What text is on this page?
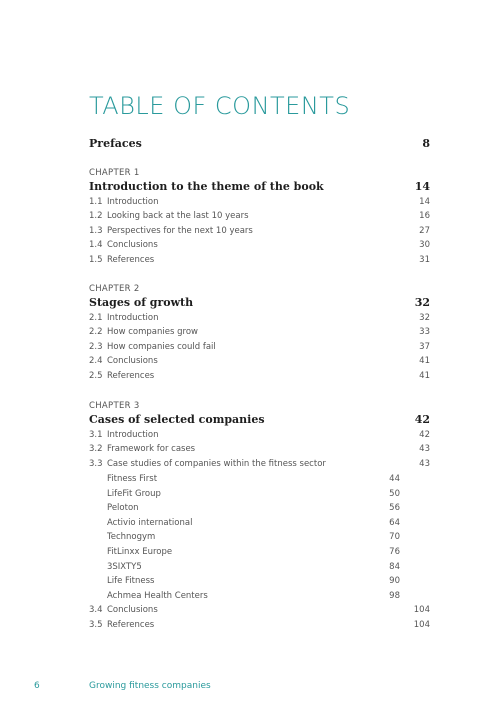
TABLE OF CONTENTS
Prefaces	8
CHAPTER 1
Introduction to the theme of the book	14
1.1 Introduction	14
1.2 Looking back at the last 10 years	16
1.3 Perspectives for the next 10 years	27
1.4 Conclusions	30
1.5 References	31
CHAPTER 2
Stages of growth	32
2.1 Introduction	32
2.2 How companies grow	33
2.3 How companies could fail	37
2.4 Conclusions	41
2.5 References	41
CHAPTER 3
Cases of selected companies	42
3.1 Introduction	42
3.2 Framework for cases	43
3.3 Case studies of companies within the fitness sector	43
Fitness First	44
LifeFit Group	50
Peloton	56
Activio international	64
Technogym	70
FitLinxx Europe	76
3SIXTY5	84
Life Fitness	90
Achmea Health Centers	98
3.4 Conclusions	104
3.5 References	104
6	Growing fitness companies
